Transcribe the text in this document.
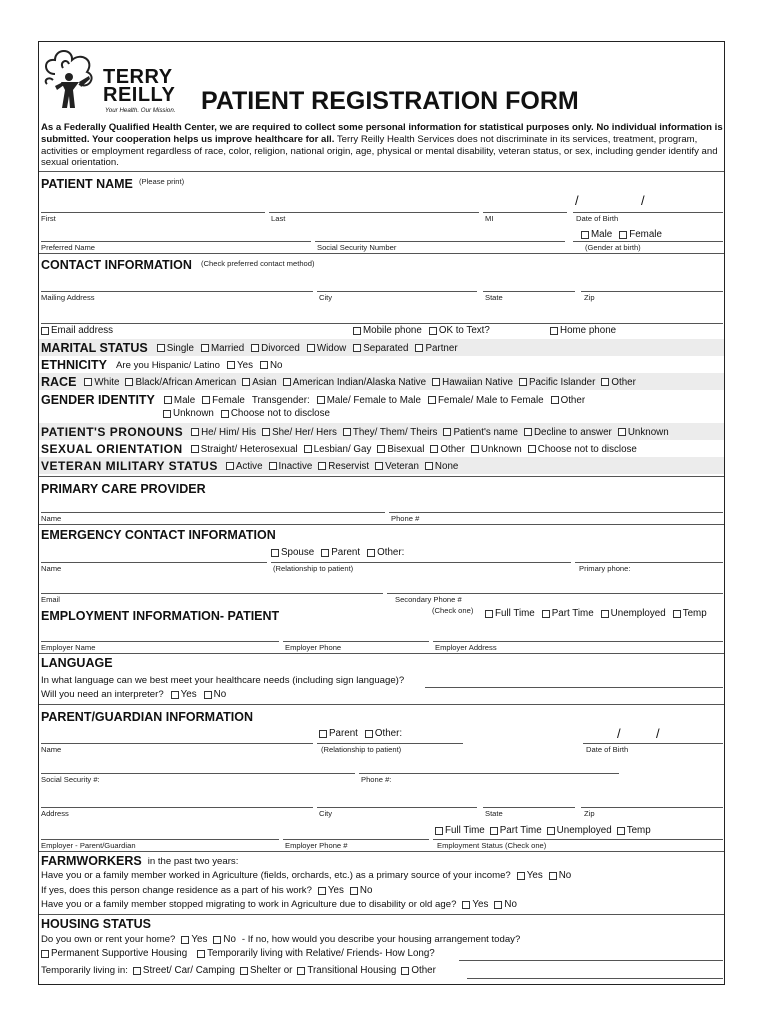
TERRY
REILLY
Your Health. Our Mission. PATIENT REGISTRATION FORM
As a Federally Qualified Health Center, we are required to collect some personal information for statistical purposes only. No individual information is submitted. Your cooperation helps us improve healthcare for all. Terry Reilly Health Services does not discriminate in its services, treatment, program, activities or employment regardless of race, color, religion, national origin, age, physical or mental disability, veteran status, or sex, including gender identify and sexual orientation.
PATIENT NAME (Please print)
/	/
First	Last	MI	Date of Birth
Male Female
Preferred Name	Social Security Number	(Gender at birth)
CONTACT INFORMATION (Check preferred contact method)
Mailing Address	City	State	Zip
Email address	Mobile phone OK to Text?	Home phone
MARITAL STATUS Single Married Divorced Widow Separated Partner
ETHNICITY Are you Hispanic/ Latino Yes No
RACE White Black/African American Asian American Indian/Alaska Native Hawaiian Native Pacific Islander Other
GENDER IDENTITY Male Female Transgender: Male/ Female to Male Female/ Male to Female Other
Unknown Choose not to disclose
PATIENT'S PRONOUNS He/ Him/ His She/ Her/ Hers They/ Them/ Theirs Patient's name Decline to answer Unknown
SEXUAL ORIENTATION Straight/ Heterosexual Lesbian/ Gay Bisexual Other Unknown Choose not to disclose
VETERAN MILITARY STATUS Active Inactive Reservist Veteran None
PRIMARY CARE PROVIDER
Name	Phone #
EMERGENCY CONTACT INFORMATION
Spouse Parent Other:
Name	(Relationship to patient)	Primary phone:
Email	Secondary Phone #
EMPLOYMENT INFORMATION- PATIENT	(Check one) Full Time Part Time Unemployed Temp
Employer Name	Employer Phone	Employer Address
LANGUAGE
In what language can we best meet your healthcare needs (including sign language)?
Will you need an interpreter? Yes No
PARENT/GUARDIAN INFORMATION
Parent Other:	/	/
Name	(Relationship to patient)	Date of Birth
Social Security #:	Phone #:
Address	City	State	Zip
Full Time Part Time Unemployed Temp
Employer - Parent/Guardian	Employer Phone #	Employment Status (Check one)
FARMWORKERS in the past two years:
Have you or a family member worked in Agriculture (fields, orchards, etc.) as a primary source of your income? Yes No
If yes, does this person change residence as a part of his work? Yes No
Have you or a family member stopped migrating to work in Agriculture due to disability or old age? Yes No
HOUSING STATUS
Do you own or rent your home? Yes No - If no, how would you describe your housing arrangement today?
Permanent Supportive Housing Temporarily living with Relative/ Friends- How Long?
Temporarily living in: Street/ Car/ Camping Shelter or Transitional Housing Other
